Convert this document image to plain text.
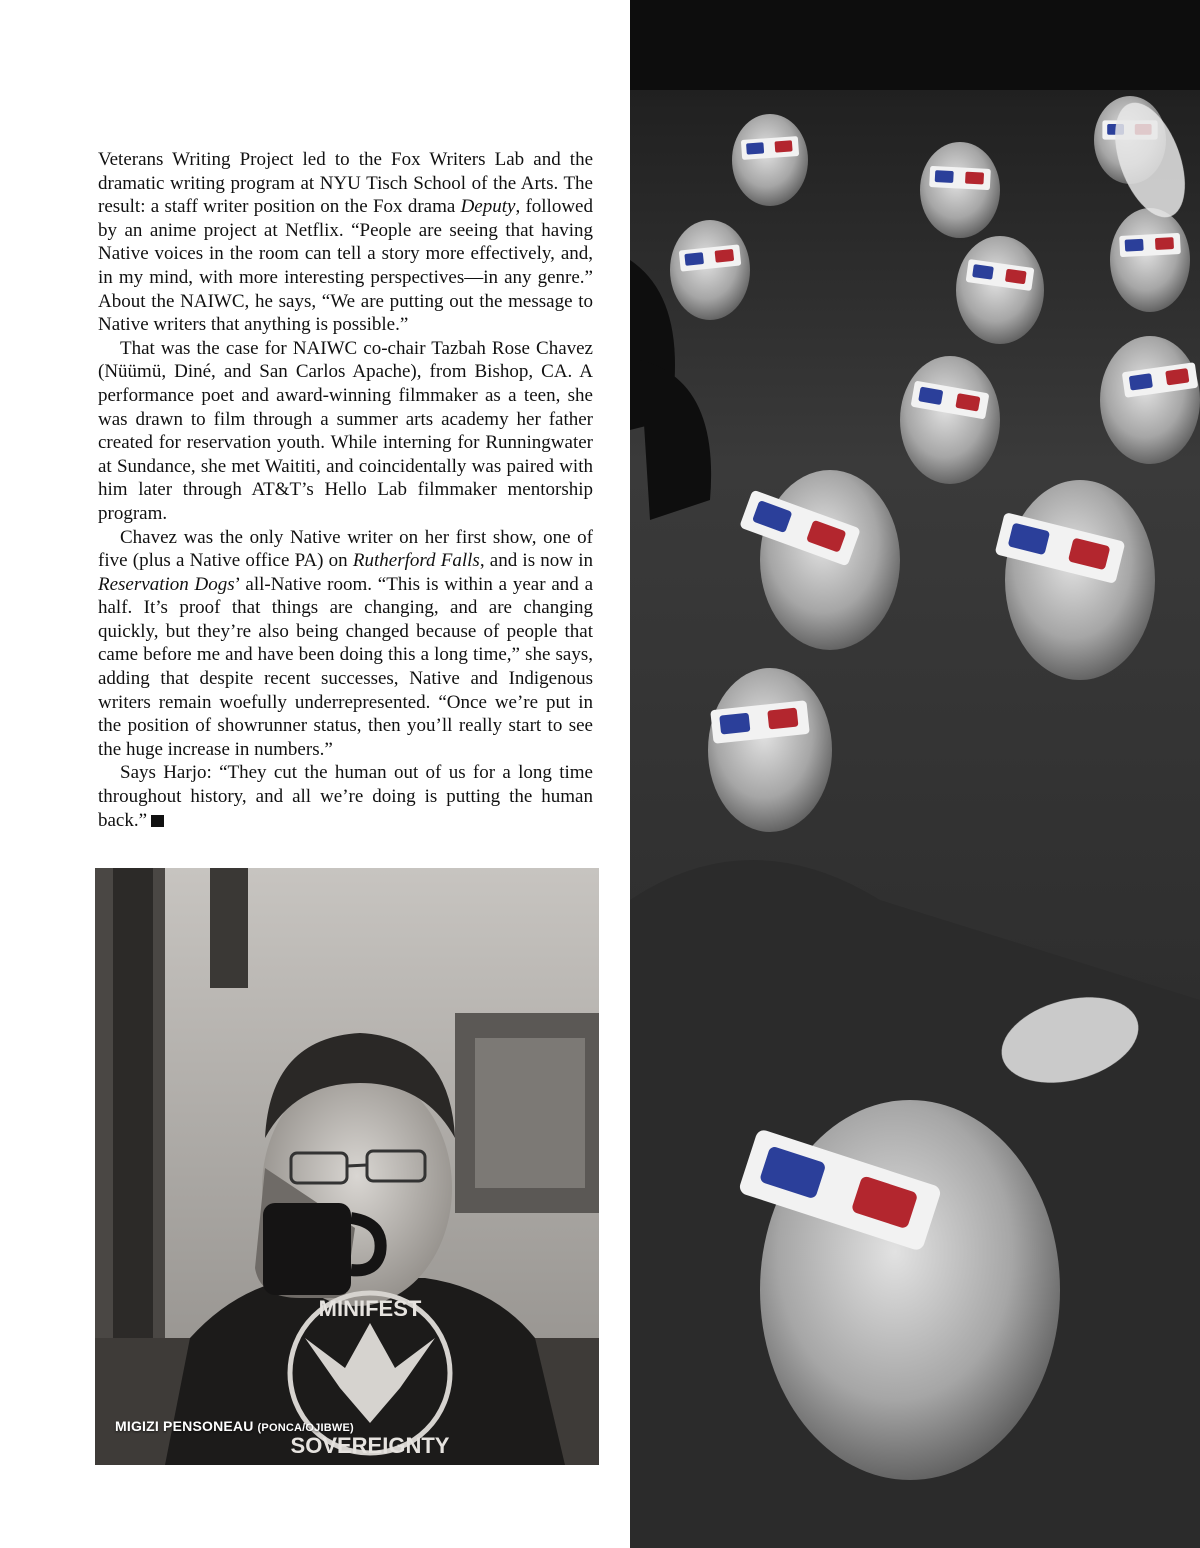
Veterans Writing Project led to the Fox Writers Lab and the dramatic writing program at NYU Tisch School of the Arts. The result: a staff writer position on the Fox drama Deputy, followed by an anime project at Netflix. “People are seeing that having Native voices in the room can tell a story more effectively, and, in my mind, with more interesting perspectives—in any genre.” About the NAIWC, he says, “We are putting out the message to Native writers that anything is possible.”

That was the case for NAIWC co-chair Tazbah Rose Chavez (Nüümü, Diné, and San Carlos Apache), from Bishop, CA. A performance poet and award-winning filmmaker as a teen, she was drawn to film through a summer arts academy her father created for reservation youth. While interning for Runningwater at Sundance, she met Waititi, and coincidentally was paired with him later through AT&T’s Hello Lab filmmaker mentorship program.

Chavez was the only Native writer on her first show, one of five (plus a Native office PA) on Rutherford Falls, and is now in Reservation Dogs’ all-Native room. “This is within a year and a half. It’s proof that things are changing, and are changing quickly, but they’re also being changed because of people that came before me and have been doing this a long time,” she says, adding that despite recent successes, Native and Indigenous writers remain woefully underrepresented. “Once we’re put in the position of showrunner status, then you’ll really start to see the huge increase in numbers.”

Says Harjo: “They cut the human out of us for a long time throughout history, and all we’re doing is putting the human back.”

MINIFEST
SOVEREIGNTY
MIGIZI PENSONEAU (PONCA/OJIBWE)
